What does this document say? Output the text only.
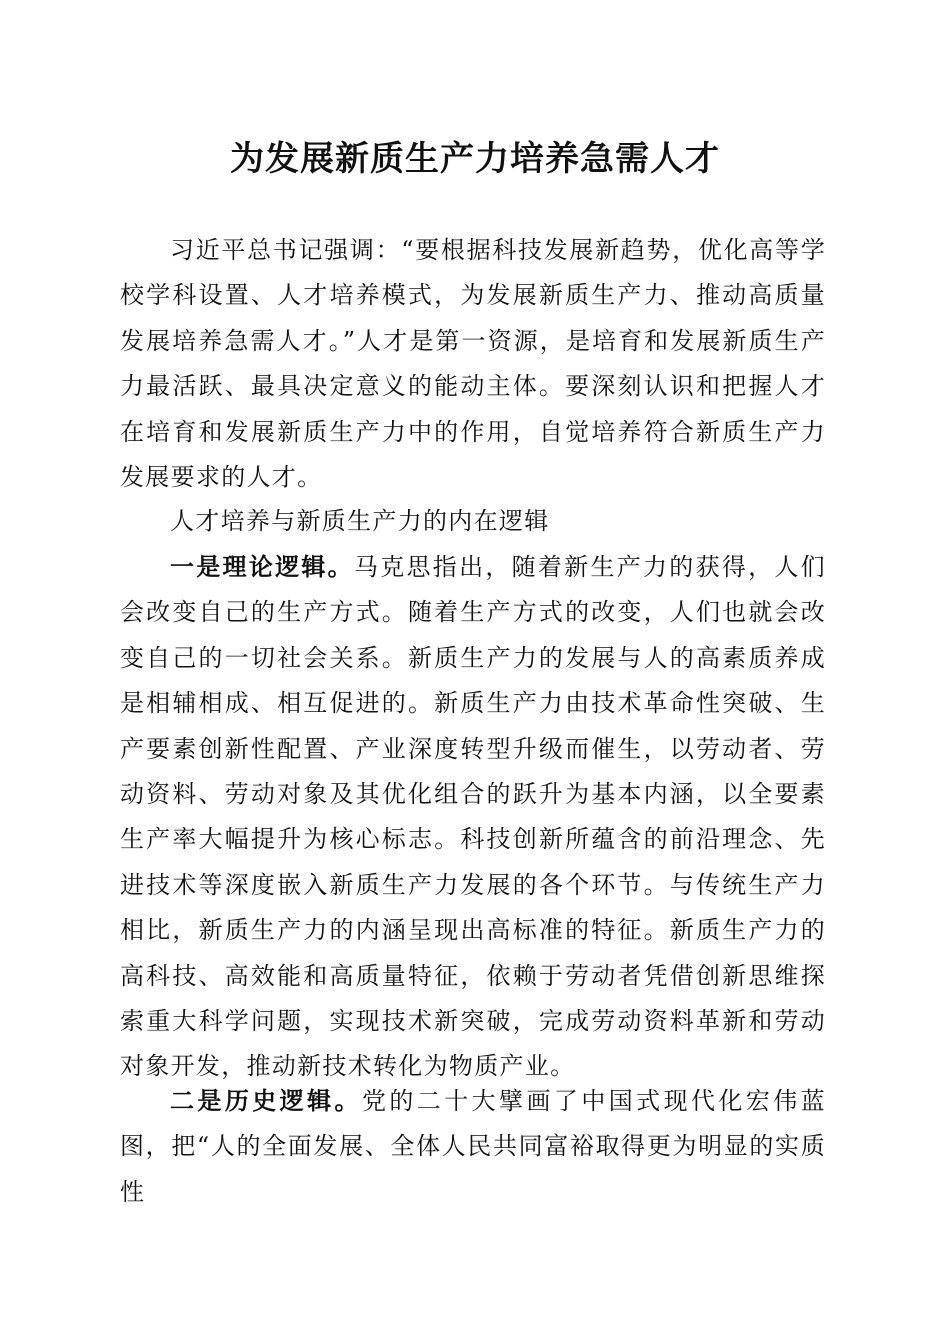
为发展新质生产力培养急需人才

习近平总书记强调：“要根据科技发展新趋势，优化高等学校学科设置、人才培养模式，为发展新质生产力、推动高质量发展培养急需人才。”人才是第一资源，是培育和发展新质生产力最活跃、最具决定意义的能动主体。要深刻认识和把握人才在培育和发展新质生产力中的作用，自觉培养符合新质生产力发展要求的人才。

人才培养与新质生产力的内在逻辑

一是理论逻辑。马克思指出，随着新生产力的获得，人们会改变自己的生产方式。随着生产方式的改变，人们也就会改变自己的一切社会关系。新质生产力的发展与人的高素质养成是相辅相成、相互促进的。新质生产力由技术革命性突破、生产要素创新性配置、产业深度转型升级而催生，以劳动者、劳动资料、劳动对象及其优化组合的跃升为基本内涵，以全要素生产率大幅提升为核心标志。科技创新所蕴含的前沿理念、先进技术等深度嵌入新质生产力发展的各个环节。与传统生产力相比，新质生产力的内涵呈现出高标准的特征。新质生产力的高科技、高效能和高质量特征，依赖于劳动者凭借创新思维探索重大科学问题，实现技术新突破，完成劳动资料革新和劳动对象开发，推动新技术转化为物质产业。

二是历史逻辑。党的二十大擘画了中国式现代化宏伟蓝图，把“人的全面发展、全体人民共同富裕取得更为明显的实质性
